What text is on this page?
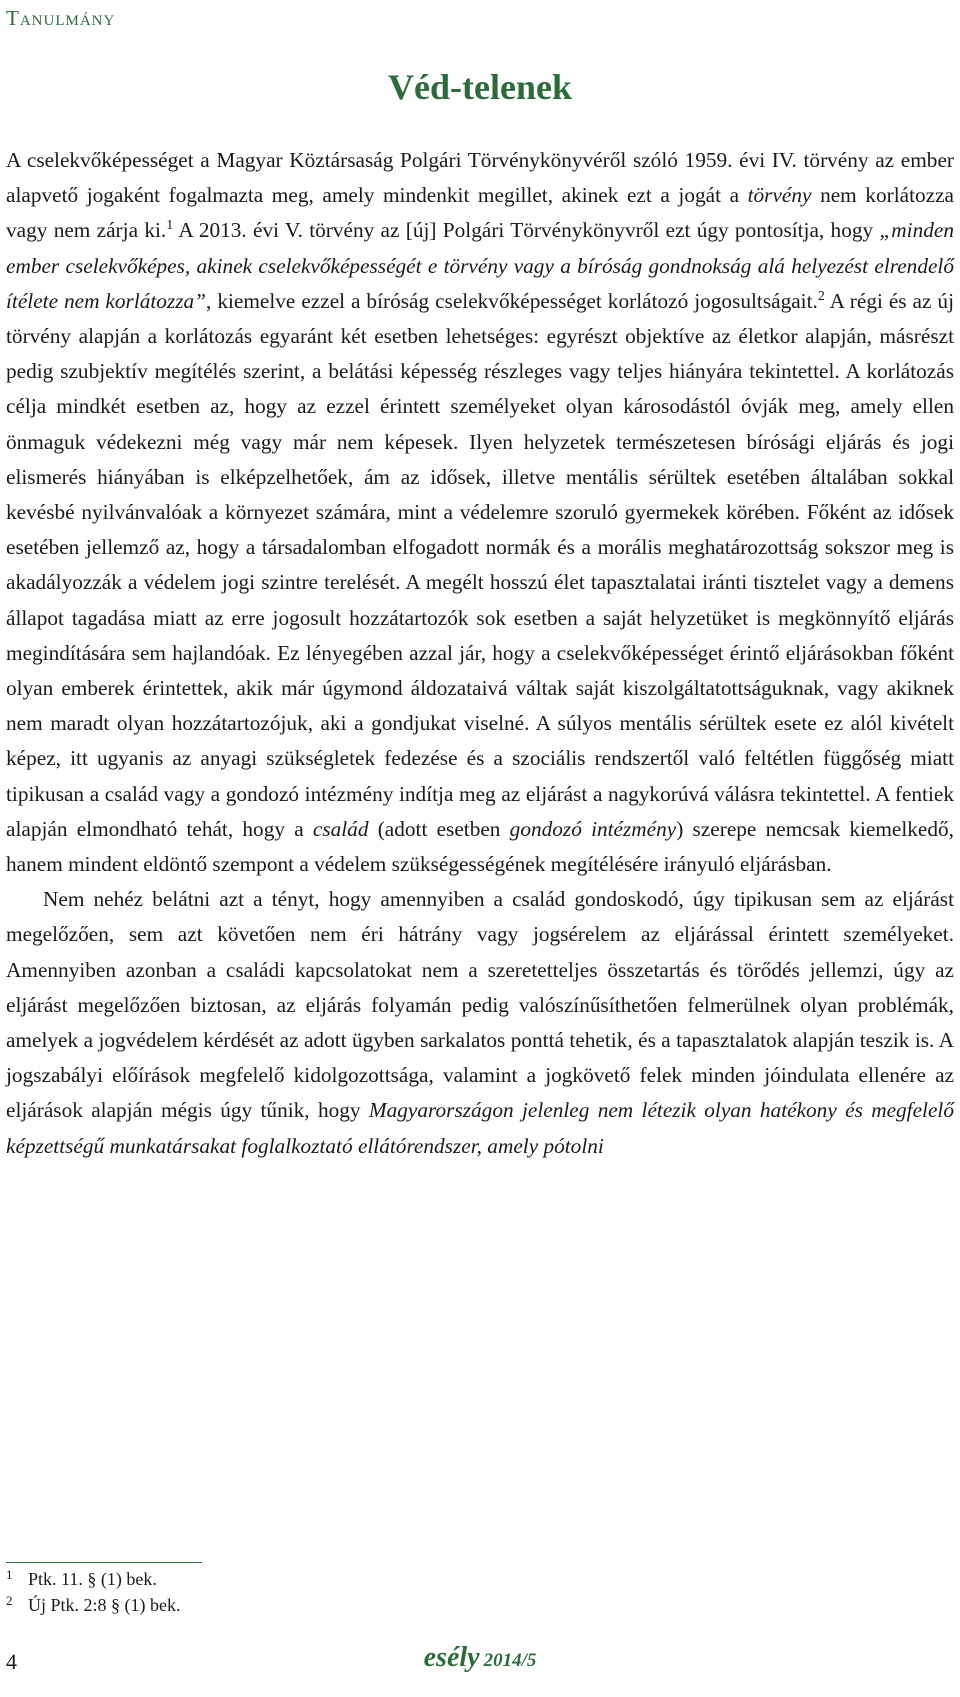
Tanulmány
Véd-telenek

A cselekvőképességet a Magyar Köztársaság Polgári Törvénykönyvéről szóló 1959. évi IV. törvény az ember alapvető jogaként fogalmazta meg, amely mindenkit megillet, akinek ezt a jogát a törvény nem korlátozza vagy nem zárja ki.$^1$ A 2013. évi V. törvény az [új] Polgári Törvénykönyvről ezt úgy pontosítja, hogy „minden ember cselekvőképes, akinek cselekvőképességét e törvény vagy a bíróság gondnokság alá helyezést elrendelő ítélete nem korlátozza”, kiemelve ezzel a bíróság cselekvőképességet korlátozó jogosultságait.$^2$ A régi és az új törvény alapján a korlátozás egyaránt két esetben lehetséges: egyrészt objektíve az életkor alapján, másrészt pedig szubjektív megítélés szerint, a belátási képesség részleges vagy teljes hiányára tekintettel. A korlátozás célja mindkét esetben az, hogy az ezzel érintett személyeket olyan károsodástól óvják meg, amely ellen önmaguk védekezni még vagy már nem képesek. Ilyen helyzetek természetesen bírósági eljárás és jogi elismerés hiányában is elképzelhetőek, ám az idősek, illetve mentális sérültek esetében általában sokkal kevésbé nyilvánvalóak a környezet számára, mint a védelemre szoruló gyermekek körében. Főként az idősek esetében jellemző az, hogy a társadalomban elfogadott normák és a morális meghatározottság sokszor meg is akadályozzák a védelem jogi szintre terelését. A megélt hosszú élet tapasztalatai iránti tisztelet vagy a demens állapot tagadása miatt az erre jogosult hozzátartozók sok esetben a saját helyzetüket is megkönnyítő eljárás megindítására sem hajlandóak. Ez lényegében azzal jár, hogy a cselekvőképességet érintő eljárásokban főként olyan emberek érintettek, akik már úgymond áldozataivá váltak saját kiszolgáltatottságuknak, vagy akiknek nem maradt olyan hozzátartozójuk, aki a gondjukat viselné. A súlyos mentális sérültek esete ez alól kivételt képez, itt ugyanis az anyagi szükségletek fedezése és a szociális rendszertől való feltétlen függőség miatt tipikusan a család vagy a gondozó intézmény indítja meg az eljárást a nagykorúvá válásra tekintettel. A fentiek alapján elmondható tehát, hogy a család (adott esetben gondozó intézmény) szerepe nemcsak kiemelkedő, hanem mindent eldöntő szempont a védelem szükségességének megítélésére irányuló eljárásban.

Nem nehéz belátni azt a tényt, hogy amennyiben a család gondoskodó, úgy tipikusan sem az eljárást megelőzően, sem azt követően nem éri hátrány vagy jogsérelem az eljárással érintett személyeket. Amennyiben azonban a családi kapcsolatokat nem a szeretetteljes összetartás és törődés jellemzi, úgy az eljárást megelőzően biztosan, az eljárás folyamán pedig valószínűsíthetően felmerülnek olyan problémák, amelyek a jogvédelem kérdését az adott ügyben sarkalatos ponttá tehetik, és a tapasztalatok alapján teszik is. A jogszabályi előírások megfelelő kidolgozottsága, valamint a jogkövető felek minden jóindulata ellenére az eljárások alapján mégis úgy tűnik, hogy Magyarországon jelenleg nem létezik olyan hatékony és megfelelő képzettségű munkatársakat foglalkoztató ellátórendszer, amely pótolni

1 Ptk. 11. § (1) bek.
2 Új Ptk. 2:8 § (1) bek.
4	esély 2014/5
